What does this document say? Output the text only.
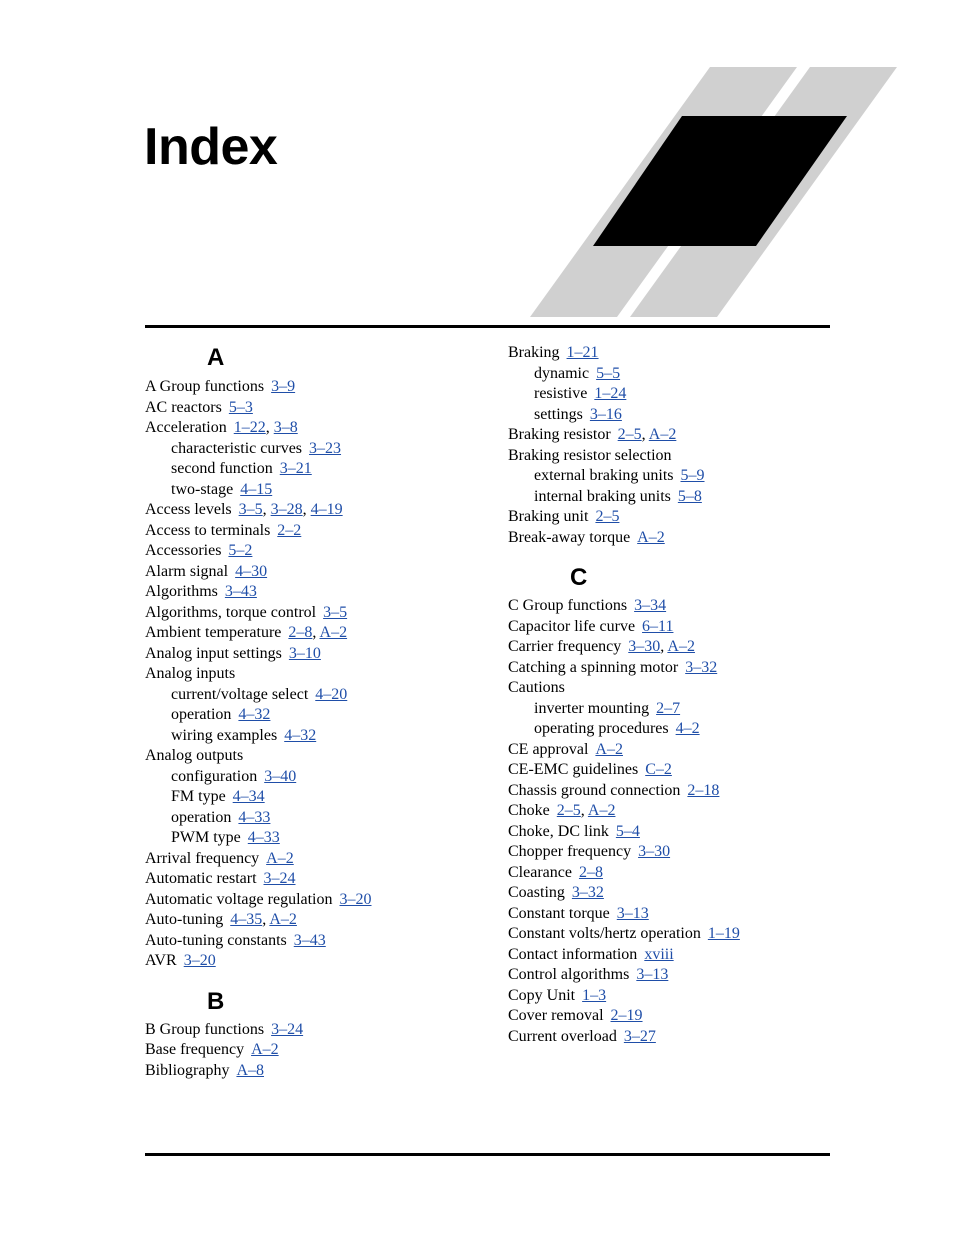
Index
A
A Group functions 3–9
AC reactors 5–3
Acceleration 1–22, 3–8
characteristic curves 3–23
second function 3–21
two-stage 4–15
Access levels 3–5, 3–28, 4–19
Access to terminals 2–2
Accessories 5–2
Alarm signal 4–30
Algorithms 3–43
Algorithms, torque control 3–5
Ambient temperature 2–8, A–2
Analog input settings 3–10
Analog inputs
current/voltage select 4–20
operation 4–32
wiring examples 4–32
Analog outputs
configuration 3–40
FM type 4–34
operation 4–33
PWM type 4–33
Arrival frequency A–2
Automatic restart 3–24
Automatic voltage regulation 3–20
Auto-tuning 4–35, A–2
Auto-tuning constants 3–43
AVR 3–20
B
B Group functions 3–24
Base frequency A–2
Bibliography A–8
Braking 1–21
dynamic 5–5
resistive 1–24
settings 3–16
Braking resistor 2–5, A–2
Braking resistor selection
external braking units 5–9
internal braking units 5–8
Braking unit 2–5
Break-away torque A–2
C
C Group functions 3–34
Capacitor life curve 6–11
Carrier frequency 3–30, A–2
Catching a spinning motor 3–32
Cautions
inverter mounting 2–7
operating procedures 4–2
CE approval A–2
CE-EMC guidelines C–2
Chassis ground connection 2–18
Choke 2–5, A–2
Choke, DC link 5–4
Chopper frequency 3–30
Clearance 2–8
Coasting 3–32
Constant torque 3–13
Constant volts/hertz operation 1–19
Contact information xviii
Control algorithms 3–13
Copy Unit 1–3
Cover removal 2–19
Current overload 3–27
